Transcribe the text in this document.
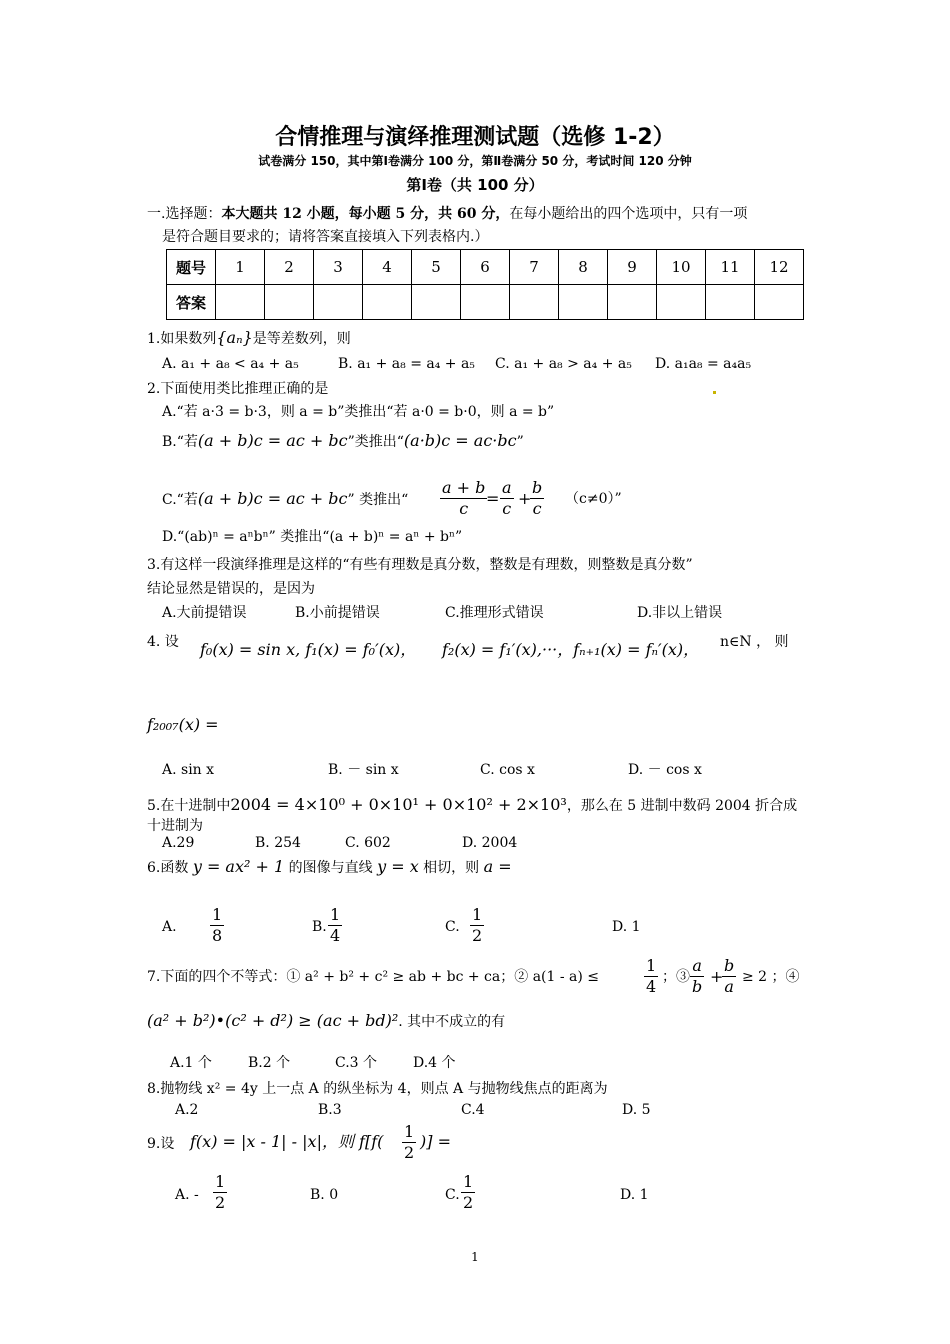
合情推理与演绎推理测试题（选修 1-2）
试卷满分 150，其中第Ⅰ卷满分 100 分，第Ⅱ卷满分 50 分，考试时间 120 分钟
第Ⅰ卷（共 100 分）
一.选择题：本大题共 12 小题，每小题 5 分，共 60 分，在每小题给出的四个选项中，只有一项
是符合题目要求的；请将答案直接填入下列表格内.）
题号	1	2	3	4	5	6	7	8	9	10	11	12
答案												
1.如果数列{aₙ}是等差数列，则
A. a₁ + a₈ < a₄ + a₅	B. a₁ + a₈ = a₄ + a₅ C. a₁ + a₈ > a₄ + a₅ D. a₁a₈ = a₄a₅
2.下面使用类比推理正确的是
A.“若 a·3 = b·3，则 a = b”类推出“若 a·0 = b·0，则 a = b”
B.“若(a + b)c = ac + bc”类推出“(a·b)c = ac·bc”
C.“若(a + b)c = ac + bc” 类推出“ $\frac{a + b}{c}$
= $\frac{a}{c}$ +
$\frac{b}{c} (c\ne 0)$”
D.“(ab)ⁿ = aⁿbⁿ” 类推出“(a + b)ⁿ = aⁿ + bⁿ”
3.有这样一段演绎推理是这样的“有些有理数是真分数，整数是有理数，则整数是真分数”
结论显然是错误的，是因为
A.大前提错误	B.小前提错误	C.推理形式错误	D.非以上错误
4. 设 f₀(x) = sin x, f₁(x) = f₀′(x)， f₂(x) = f₁′(x),···，fₙ₊₁(x) = fₙ′(x)， n∈N ， 则
f₂₀₀₇(x) =
A. sin x	B. － sin x	C. cos x	D. － cos x
5.在十进制中2004 = 4×10⁰ + 0×10¹ + 0×10² + 2×10³，那么在 5 进制中数码 2004 折合成
十进制为
A.29	B. 254	C. 602	D. 2004
6.函数 y = ax² + 1 的图像与直线 y = x 相切，则 a =
A. $\frac{1}{8}$	B. $\frac{1}{4}$	C. $\frac{1}{2}$	D. 1
7.下面的四个不等式：① a² + b² + c² ≥ ab + bc + ca；② a(1 - a) ≤	$\frac{1}{4}$ ；③ $\frac{a}{b}$ +
$\frac{b}{a} \ge 2$ ；④
(a² + b²)•(c² + d²) ≥ (ac + bd)². 其中不成立的有
A.1 个	B.2 个	C.3 个	D.4 个
8.抛物线 x² = 4y 上一点 A 的纵坐标为 4，则点 A 与抛物线焦点的距离为
A.2	B.3	C.4	D. 5
9.设 f(x) = |x - 1| - |x|，则 $f[f( \frac{1}{2}$ )] =
A. - $\frac{1}{2}$	B. 0	C. $\frac{1}{2}$	D. 1
1
